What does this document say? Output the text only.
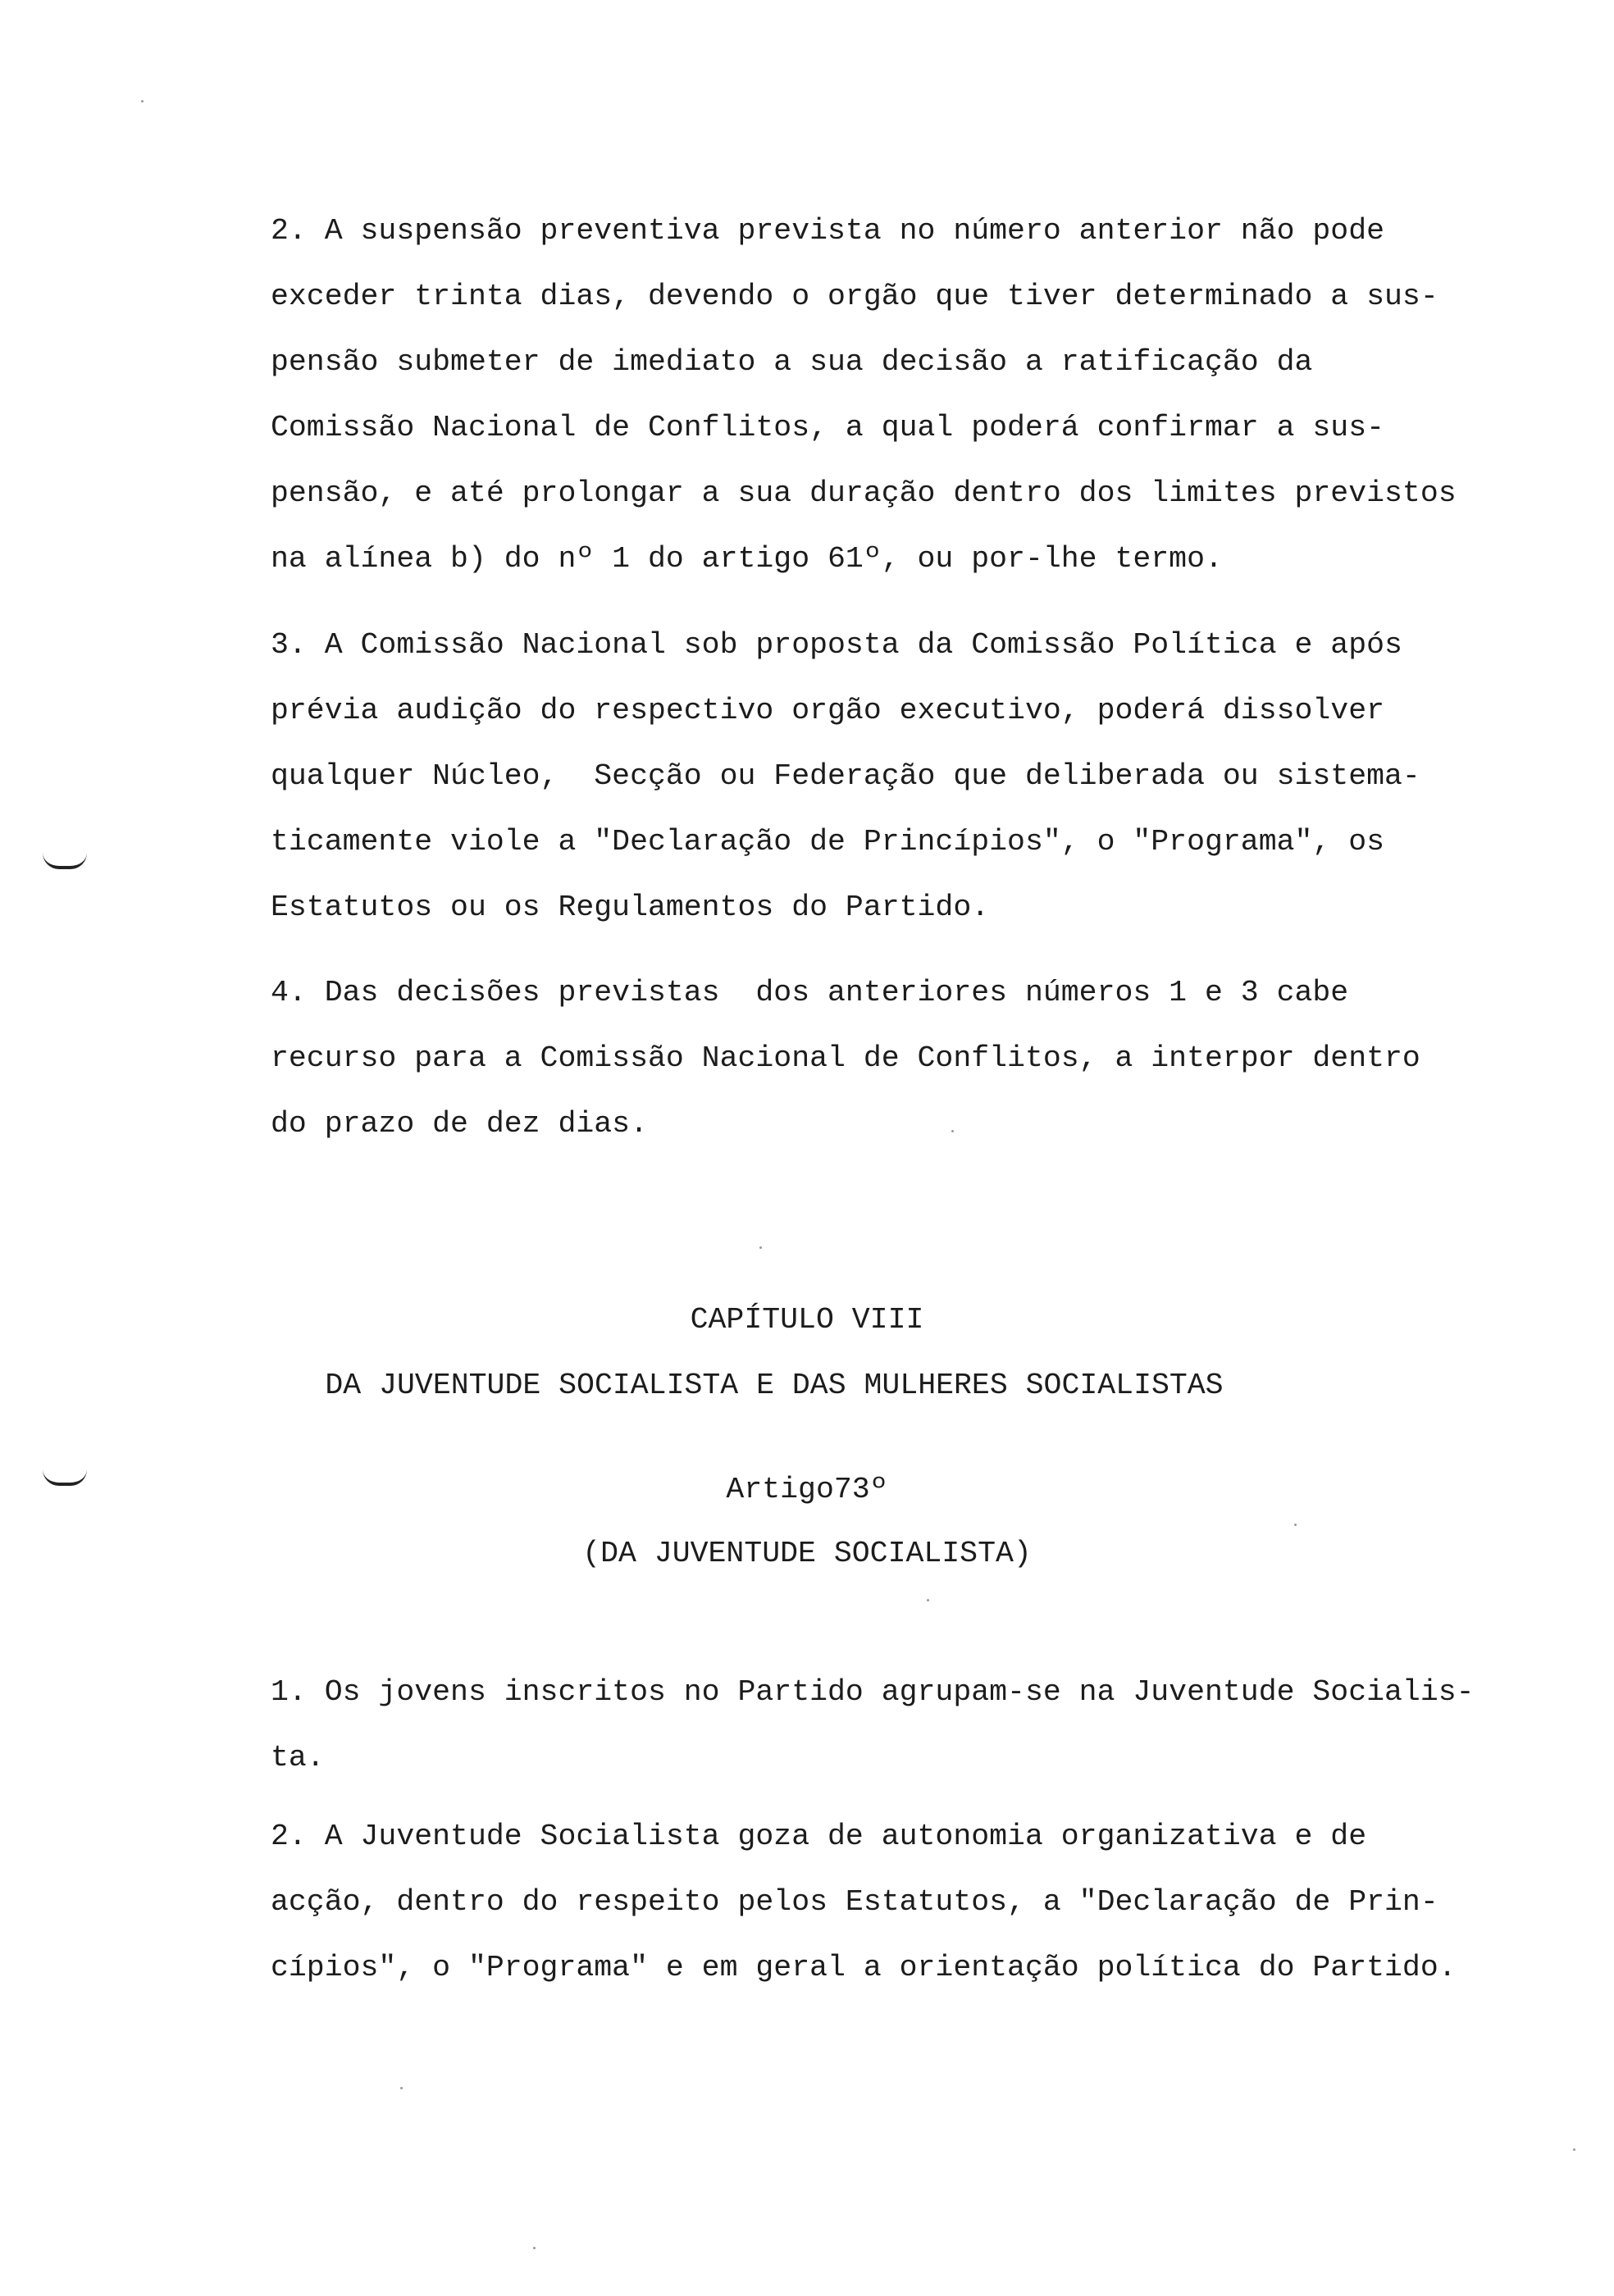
2. A suspensão preventiva prevista no número anterior não pode
exceder trinta dias, devendo o orgão que tiver determinado a sus-
pensão submeter de imediato a sua decisão a ratificação da
Comissão Nacional de Conflitos, a qual poderá confirmar a sus-
pensão, e até prolongar a sua duração dentro dos limites previstos
na alínea b) do nº 1 do artigo 61º, ou por-lhe termo.
3. A Comissão Nacional sob proposta da Comissão Política e após
prévia audição do respectivo orgão executivo, poderá dissolver
qualquer Núcleo,  Secção ou Federação que deliberada ou sistema-
ticamente viole a "Declaração de Princípios", o "Programa", os
Estatutos ou os Regulamentos do Partido.
4. Das decisões previstas  dos anteriores números 1 e 3 cabe
recurso para a Comissão Nacional de Conflitos, a interpor dentro
do prazo de dez dias.
CAPÍTULO VIII
DA JUVENTUDE SOCIALISTA E DAS MULHERES SOCIALISTAS
Artigo73º
(DA JUVENTUDE SOCIALISTA)
1. Os jovens inscritos no Partido agrupam-se na Juventude Socialis-
ta.
2. A Juventude Socialista goza de autonomia organizativa e de
acção, dentro do respeito pelos Estatutos, a "Declaração de Prin-
cípios", o "Programa" e em geral a orientação política do Partido.
